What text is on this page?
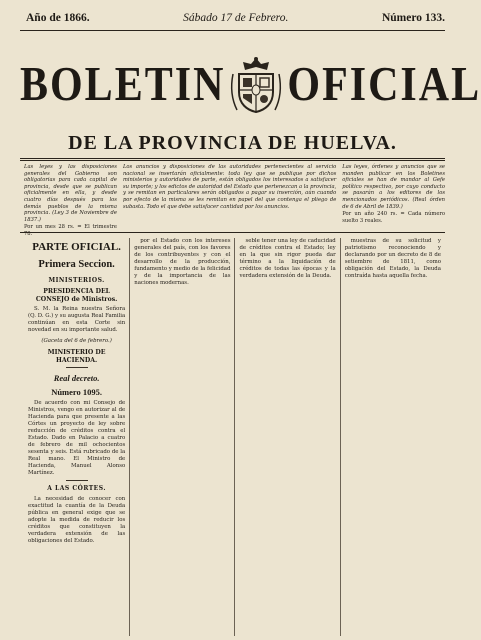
Año de 1866.	Sábado 17 de Febrero.	Número 133.
BOLETIN OFICIAL
DE LA PROVINCIA DE HUELVA.

Las leyes y las disposiciones generales del Gobierno son obligatorias para cada capital de provincia, desde que se publican oficialmente en ella, y desde cuatro días después para los demás pueblos de la misma provincia. (Ley 3 de Noviembre de 1837.)

Por un mes 28 rs. = El trimestre 78.

Los anuncios y disposiciones de las autoridades pertenecientes al servicio nacional se insertarán oficialmente: toda ley que se publique por dichos ministerios y autoridades de parte, están obligados los interesados a satisfacer su importe; y los edictos de autoridad del Estado que pertenezcan a la provincia, y se remitan en particulares serán obligados a pagar su inserción, aún cuando por efecto de la misma se les remitan en papel del que contenga el pliego de subasta. Todo el que debe satisfacer cantidad por los anuncios.

Las leyes, órdenes y anuncios que se manden publicar en los Boletines oficiales se han de mandar al Gefe político respectivo, por cuyo conducto se pasarán a los editores de los mencionados periódicos. (Real órden de 6 de Abril de 1839.)

Por un año 240 rs. = Cada número suelto 3 reales.

PARTE OFICIAL.
Primera Seccion.
MINISTERIOS.
PRESIDENCIA DEL CONSEJO de Ministros.

S. M. la Reina nuestra Señora (Q. D. G.) y su augusta Real Familia continúan en esta Corte sin novedad en su importante salud.

(Gaceta del 6 de febrero.)
MINISTERIO DE HACIENDA.
Real decreto.
Número 1095.

De acuerdo con mi Consejo de Ministros, vengo en autorizar al de Hacienda para que presente a las Córtes un proyecto de ley sobre reducción de créditos contra el Estado. Dado en Palacio a cuatro de febrero de mil ochocientos sesenta y seis. Está rubricado de la Real mano. El Ministro de Hacienda, Manuel Alonso Martínez.

A LAS CÓRTES.

La necesidad de conocer con exactitud la cuantía de la Deuda pública en general exige que se adopte la medida de reducir los créditos que constituyen la verdadera extensión de las obligaciones del Estado.

por el Estado con los intereses generales del país, con los favores de los contribuyentes y con el desarrollo de la producción, fundamento y medio de la felicidad y de la importancia de las naciones modernas.

seble tener una ley de caducidad de créditos contra el Estado; ley en la que sin rigor pueda dar término a la liquidación de créditos de todas las épocas y la verdadera extensión de la Deuda.

muestras de su solicitud y patriotismo reconociendo y declarando por un decreto de 8 de setiembre de 1811, como obligación del Estado, la Deuda contraída hasta aquella fecha.
